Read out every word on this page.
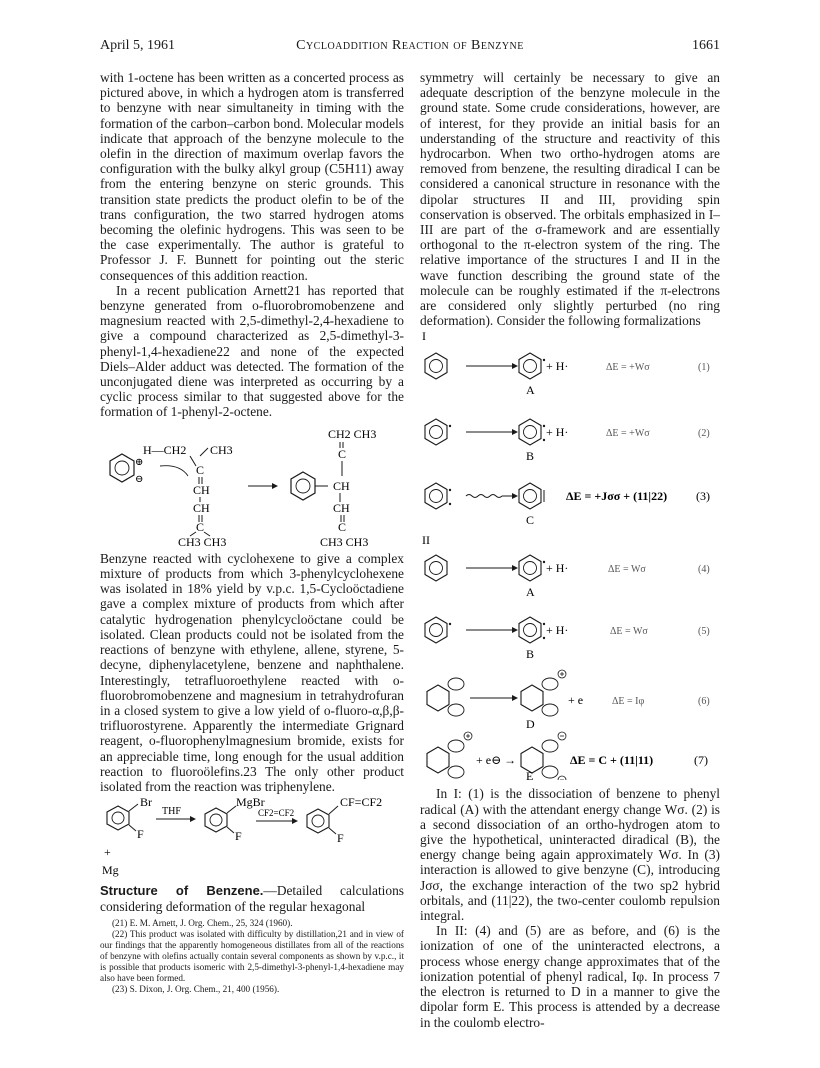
April 5, 1961	Cycloaddition Reaction of Benzyne	1661

with 1-octene has been written as a concerted process as pictured above, in which a hydrogen atom is transferred to benzyne with near simultaneity in timing with the formation of the carbon–carbon bond. Molecular models indicate that approach of the benzyne molecule to the olefin in the direction of maximum overlap favors the configuration with the bulky alkyl group (C5H11) away from the entering benzyne on steric grounds. This transition state predicts the product olefin to be of the trans configuration, the two starred hydrogen atoms becoming the olefinic hydrogens. This was seen to be the case experimentally. The author is grateful to Professor J. F. Bunnett for pointing out the steric consequences of this addition reaction.

In a recent publication Arnett21 has reported that benzyne generated from o-fluorobromobenzene and magnesium reacted with 2,5-dimethyl-2,4-hexadiene to give a compound characterized as 2,5-dimethyl-3-phenyl-1,4-hexadiene22 and none of the expected Diels–Alder adduct was detected. The formation of the unconjugated diene was interpreted as occurring by a cyclic process similar to that suggested above for the formation of 1-phenyl-2-octene.

⊕
⊖
H—CH2 CH3
C
CH
CH
C
CH3 CH3
CH2 CH3
C
CH
CH
C
CH3 CH3

Benzyne reacted with cyclohexene to give a complex mixture of products from which 3-phenylcyclohexene was isolated in 18% yield by v.p.c. 1,5-Cycloöctadiene gave a complex mixture of products from which after catalytic hydrogenation phenylcycloöctane could be isolated. Clean products could not be isolated from the reactions of benzyne with ethylene, allene, styrene, 5-decyne, diphenylacetylene, benzene and naphthalene. Interestingly, tetrafluoroethylene reacted with o-fluorobromobenzene and magnesium in tetrahydrofuran in a closed system to give a low yield of o-fluoro-α,β,β-trifluorostyrene. Apparently the intermediate Grignard reagent, o-fluorophenylmagnesium bromide, exists for an appreciable time, long enough for the usual addition reaction to fluoroölefins.23 The only other product isolated from the reaction was triphenylene.

Br
F
THF
MgBr
F
CF2=CF2
CF=CF2
F
+
Mg

Structure of Benzene.—Detailed calculations considering deformation of the regular hexagonal

(21) E. M. Arnett, J. Org. Chem., 25, 324 (1960).

(22) This product was isolated with difficulty by distillation,21 and in view of our findings that the apparently homogeneous distillates from all of the reactions of benzyne with olefins actually contain several components as shown by v.p.c., it is possible that products isomeric with 2,5-dimethyl-3-phenyl-1,4-hexadiene may also have been formed.

(23) S. Dixon, J. Org. Chem., 21, 400 (1956).

symmetry will certainly be necessary to give an adequate description of the benzyne molecule in the ground state. Some crude considerations, however, are of interest, for they provide an initial basis for an understanding of the structure and reactivity of this hydrocarbon. When two ortho-hydrogen atoms are removed from benzene, the resulting diradical I can be considered a canonical structure in resonance with the dipolar structures II and III, providing spin conservation is observed. The orbitals emphasized in I–III are part of the σ-framework and are essentially orthogonal to the π-electron system of the ring. The relative importance of the structures I and II in the wave function describing the ground state of the molecule can be roughly estimated if the π-electrons are considered only slightly perturbed (no ring deformation). Consider the following formalizations

I
+ H·
A
ΔE = +Wσ	(1)
+ H·
B
ΔE = +Wσ	(2)
C
ΔE = +Jσσ + (11|22) (3)
II
+ H·
A
ΔE = Wσ	(4)
+ H·
B
ΔE = Wσ	(5)
+ e
D
ΔE = Iφ	(6)
+ e⊖ →
E
ΔE = C + (11|11)	(7)

In I: (1) is the dissociation of benzene to phenyl radical (A) with the attendant energy change Wσ. (2) is a second dissociation of an ortho-hydrogen atom to give the hypothetical, uninteracted diradical (B), the energy change being again approximately Wσ. In (3) interaction is allowed to give benzyne (C), introducing Jσσ, the exchange interaction of the two sp2 hybrid orbitals, and (11|22), the two-center coulomb repulsion integral.

In II: (4) and (5) are as before, and (6) is the ionization of one of the uninteracted electrons, a process whose energy change approximates that of the ionization potential of phenyl radical, Iφ. In process 7 the electron is returned to D in a manner to give the dipolar form E. This process is attended by a decrease in the coulomb electro-
